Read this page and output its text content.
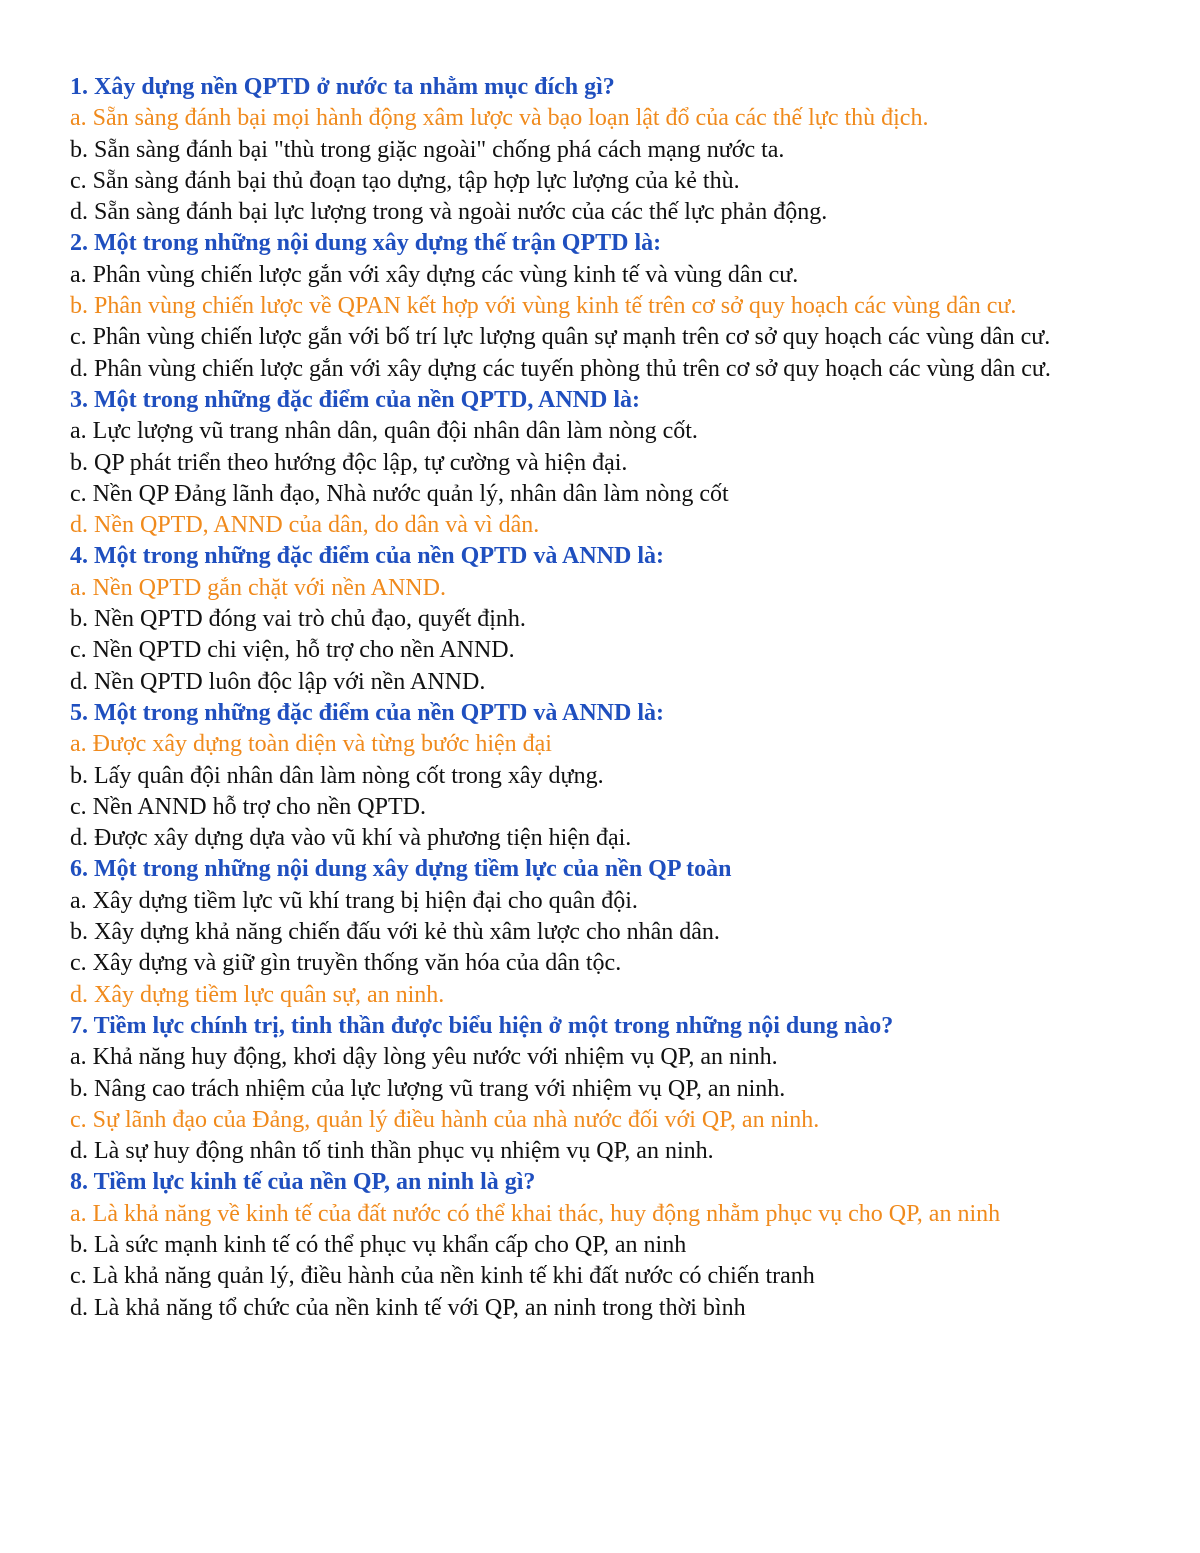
1. Xây dựng nền QPTD ở nước ta nhằm mục đích gì?

a. Sẵn sàng đánh bại mọi hành động xâm lược và bạo loạn lật đổ của các thế lực thù địch.

b. Sẵn sàng đánh bại "thù trong giặc ngoài" chống phá cách mạng nước ta.

c. Sẵn sàng đánh bại thủ đoạn tạo dựng, tập hợp lực lượng của kẻ thù.

d. Sẵn sàng đánh bại lực lượng trong và ngoài nước của các thế lực phản động.

2. Một trong những nội dung xây dựng thế trận QPTD là:

a. Phân vùng chiến lược gắn với xây dựng các vùng kinh tế và vùng dân cư.

b. Phân vùng chiến lược về QPAN kết hợp với vùng kinh tế trên cơ sở quy hoạch các vùng dân cư.

c. Phân vùng chiến lược gắn với bố trí lực lượng quân sự mạnh trên cơ sở quy hoạch các vùng dân cư.

d. Phân vùng chiến lược gắn với xây dựng các tuyến phòng thủ trên cơ sở quy hoạch các vùng dân cư.

3. Một trong những đặc điểm của nền QPTD, ANND là:

a. Lực lượng vũ trang nhân dân, quân đội nhân dân làm nòng cốt.

b. QP phát triển theo hướng độc lập, tự cường và hiện đại.

c. Nền QP Đảng lãnh đạo, Nhà nước quản lý, nhân dân làm nòng cốt

d. Nền QPTD, ANND của dân, do dân và vì dân.

4. Một trong những đặc điểm của nền QPTD và ANND là:

a. Nền QPTD gắn chặt với nền ANND.

b. Nền QPTD đóng vai trò chủ đạo, quyết định.

c. Nền QPTD chi viện, hỗ trợ cho nền ANND.

d. Nền QPTD luôn độc lập với nền ANND.

5. Một trong những đặc điểm của nền QPTD và ANND là:

a. Được xây dựng toàn diện và từng bước hiện đại

b. Lấy quân đội nhân dân làm nòng cốt trong xây dựng.

c. Nền ANND hỗ trợ cho nền QPTD.

d. Được xây dựng dựa vào vũ khí và phương tiện hiện đại.

6. Một trong những nội dung xây dựng tiềm lực của nền QP toàn

a. Xây dựng tiềm lực vũ khí trang bị hiện đại cho quân đội.

b. Xây dựng khả năng chiến đấu với kẻ thù xâm lược cho nhân dân.

c. Xây dựng và giữ gìn truyền thống văn hóa của dân tộc.

d. Xây dựng tiềm lực quân sự, an ninh.

7. Tiềm lực chính trị, tinh thần được biểu hiện ở một trong những nội dung nào?

a. Khả năng huy động, khơi dậy lòng yêu nước với nhiệm vụ QP, an ninh.

b. Nâng cao trách nhiệm của lực lượng vũ trang với nhiệm vụ QP, an ninh.

c. Sự lãnh đạo của Đảng, quản lý điều hành của nhà nước đối với QP, an ninh.

d. Là sự huy động nhân tố tinh thần phục vụ nhiệm vụ QP, an ninh.

8. Tiềm lực kinh tế của nền QP, an ninh là gì?

a. Là khả năng về kinh tế của đất nước có thể khai thác, huy động nhằm phục vụ cho QP, an ninh

b. Là sức mạnh kinh tế có thể phục vụ khẩn cấp cho QP, an ninh

c. Là khả năng quản lý, điều hành của nền kinh tế khi đất nước có chiến tranh

d. Là khả năng tổ chức của nền kinh tế với QP, an ninh trong thời bình
